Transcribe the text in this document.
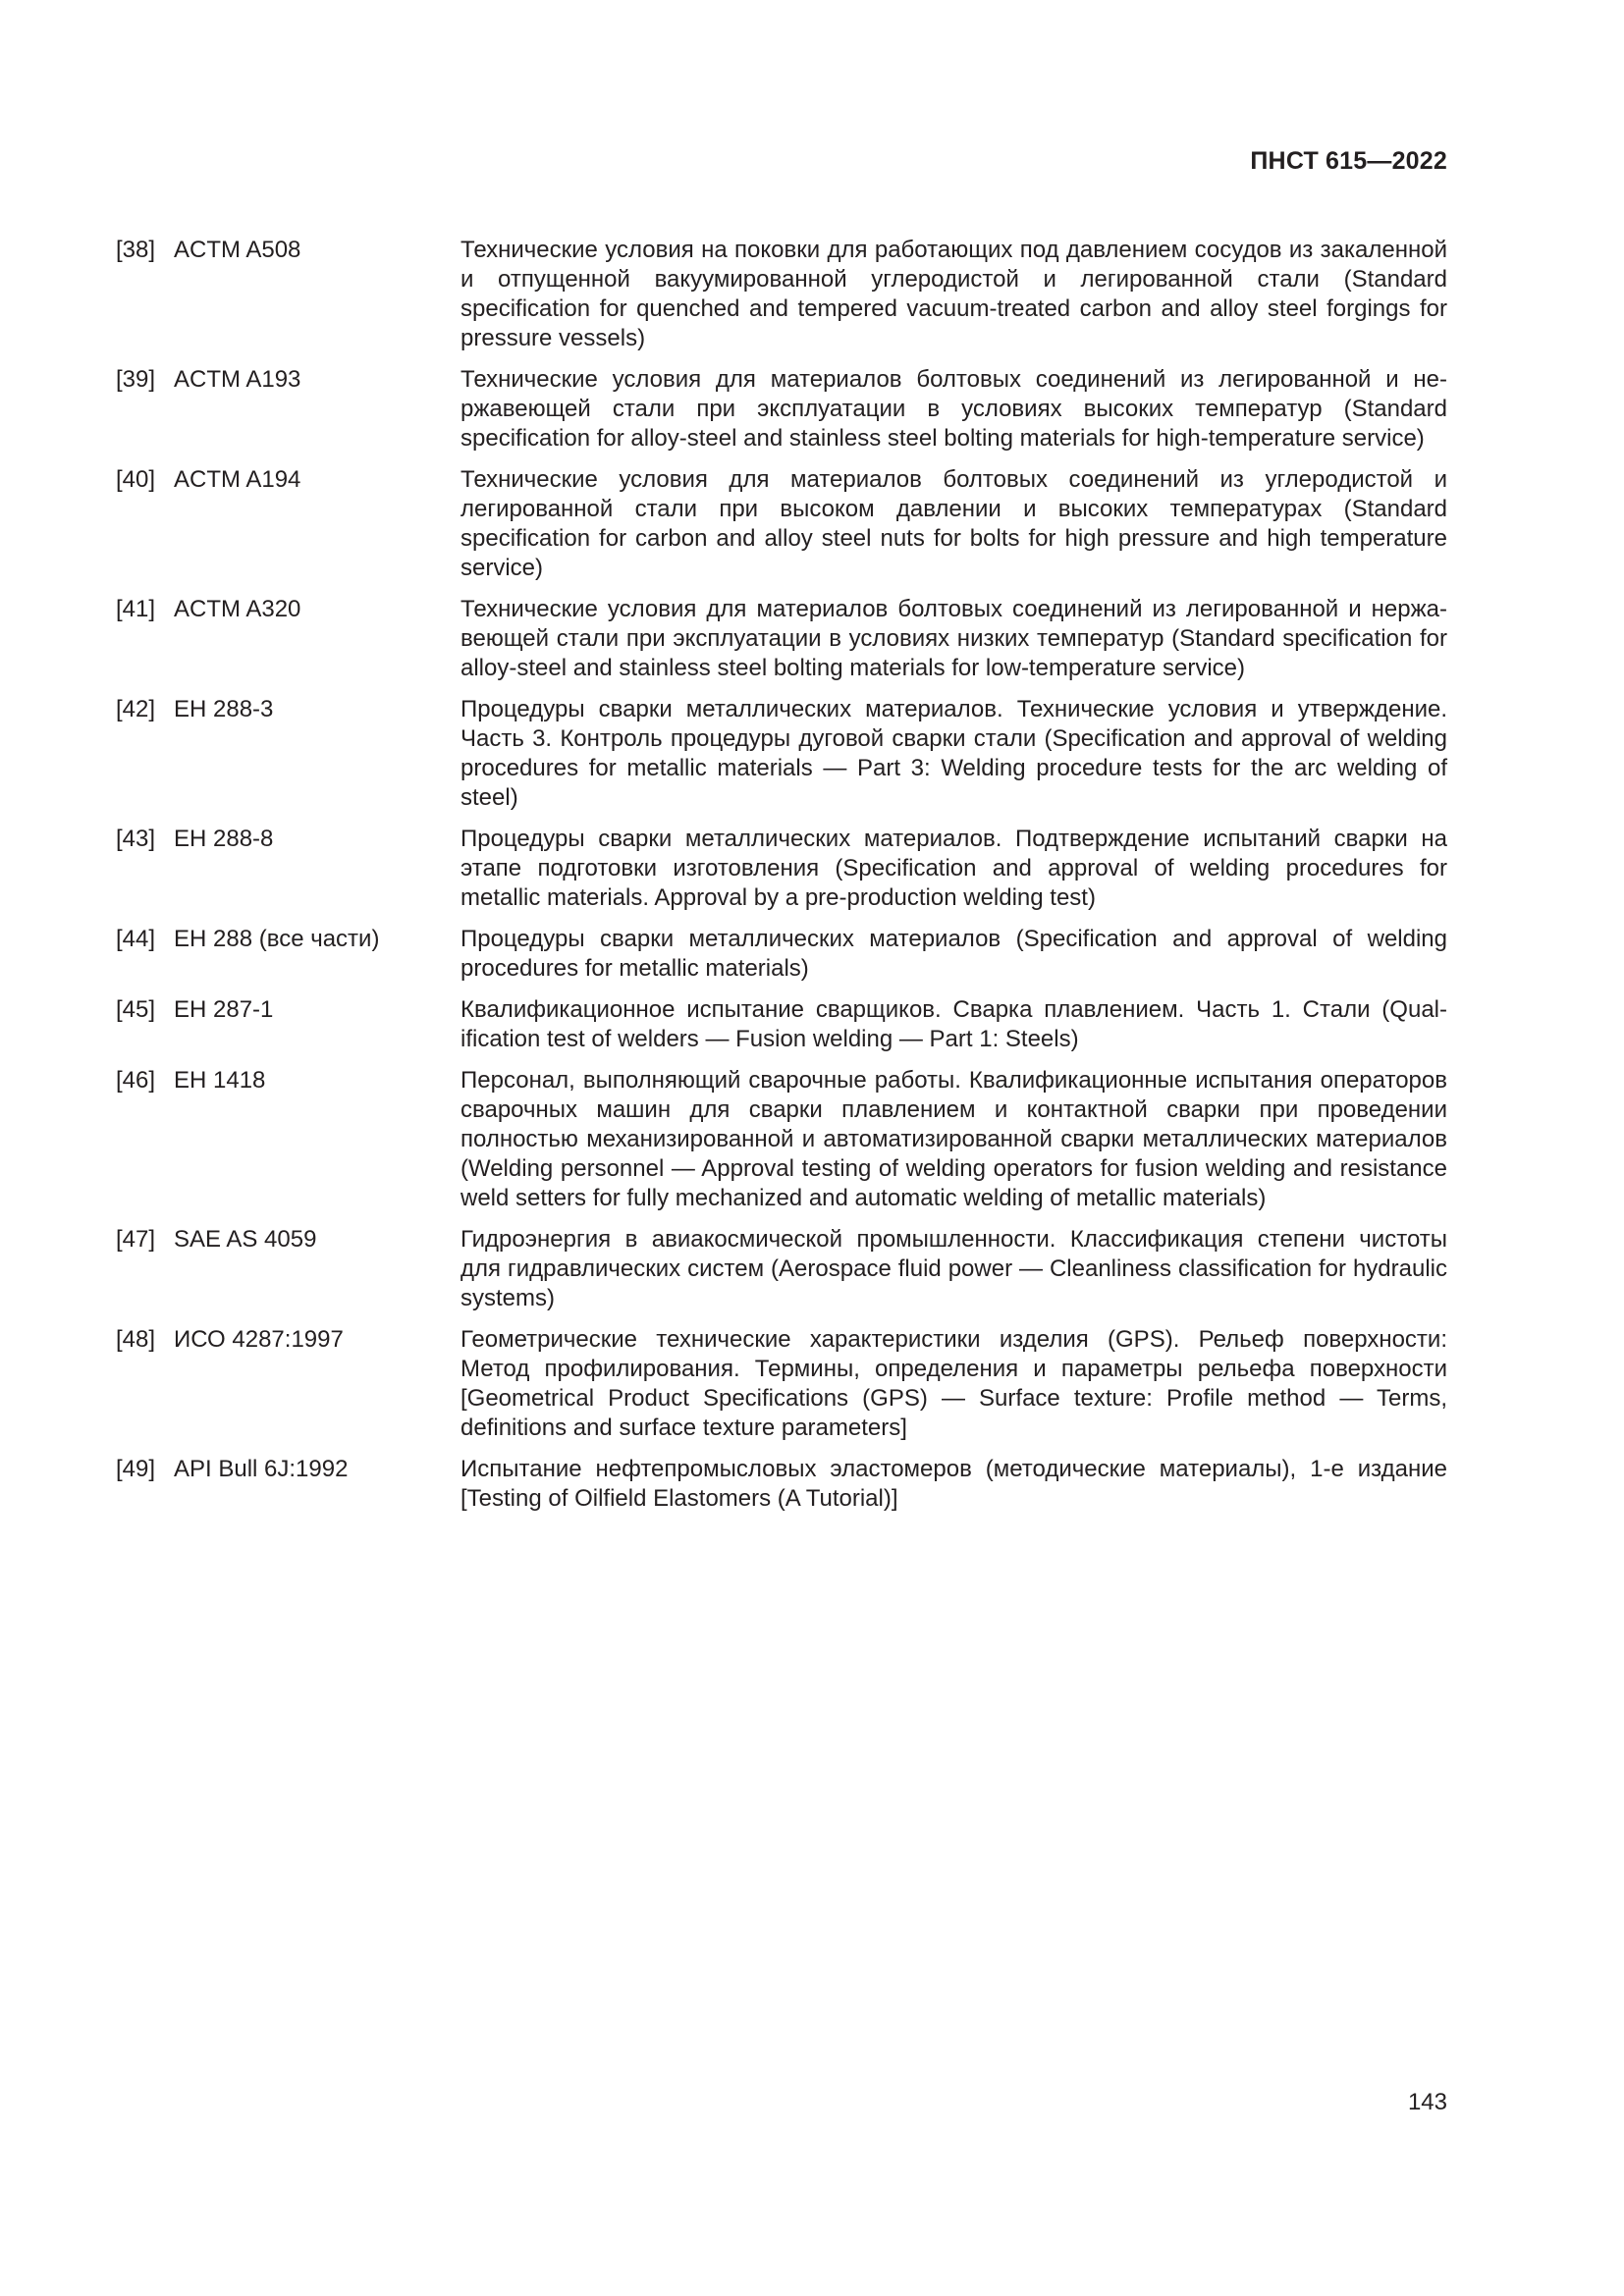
ПНСТ 615—2022
[38] ACTM A508	Технические условия на поковки для работающих под давлением сосудов из закаленной и отпущенной вакуумированной углеродистой и легированной стали (Standard specification for quenched and tempered vacuum-treated carbon and alloy steel forgings for pressure vessels)
[39] ACTM A193	Технические условия для материалов болтовых соединений из легированной и нержавеющей стали при эксплуатации в условиях высоких температур (Standard specification for alloy-steel and stainless steel bolting materials for high-temperature service)
[40] ACTM A194	Технические условия для материалов болтовых соединений из углеродистой и легированной стали при высоком давлении и высоких температурах (Standard specification for carbon and alloy steel nuts for bolts for high pressure and high temperature service)
[41] ACTM A320	Технические условия для материалов болтовых соединений из легированной и нержавеющей стали при эксплуатации в условиях низких температур (Standard specification for alloy-steel and stainless steel bolting materials for low-temperature service)
[42] EH 288-3	Процедуры сварки металлических материалов. Технические условия и утверждение. Часть 3. Контроль процедуры дуговой сварки стали (Specification and approval of welding procedures for metallic materials — Part 3: Welding procedure tests for the arc welding of steel)
[43] EH 288-8	Процедуры сварки металлических материалов. Подтверждение испытаний сварки на этапе подготовки изготовления (Specification and approval of welding procedures for metallic materials. Approval by a pre-production welding test)
[44] EH 288 (все части)	Процедуры сварки металлических материалов (Specification and approval of welding procedures for metallic materials)
[45] EH 287-1	Квалификационное испытание сварщиков. Сварка плавлением. Часть 1. Стали (Qualification test of welders — Fusion welding — Part 1: Steels)
[46] EH 1418	Персонал, выполняющий сварочные работы. Квалификационные испытания операторов сварочных машин для сварки плавлением и контактной сварки при проведении полностью механизированной и автоматизированной сварки металлических материалов (Welding personnel — Approval testing of welding operators for fusion welding and resistance weld setters for fully mechanized and automatic welding of metallic materials)
[47] SAE AS 4059	Гидроэнергия в авиакосмической промышленности. Классификация степени чистоты для гидравлических систем (Aerospace fluid power — Cleanliness classification for hydraulic systems)
[48] ИСО 4287:1997	Геометрические технические характеристики изделия (GPS). Рельеф поверхности: Метод профилирования. Термины, определения и параметры рельефа поверхности [Geometrical Product Specifications (GPS) — Surface texture: Profile method — Terms, definitions and surface texture parameters]
[49] API Bull 6J:1992	Испытание нефтепромысловых эластомеров (методические материалы), 1-е издание [Testing of Oilfield Elastomers (A Tutorial)]
143
